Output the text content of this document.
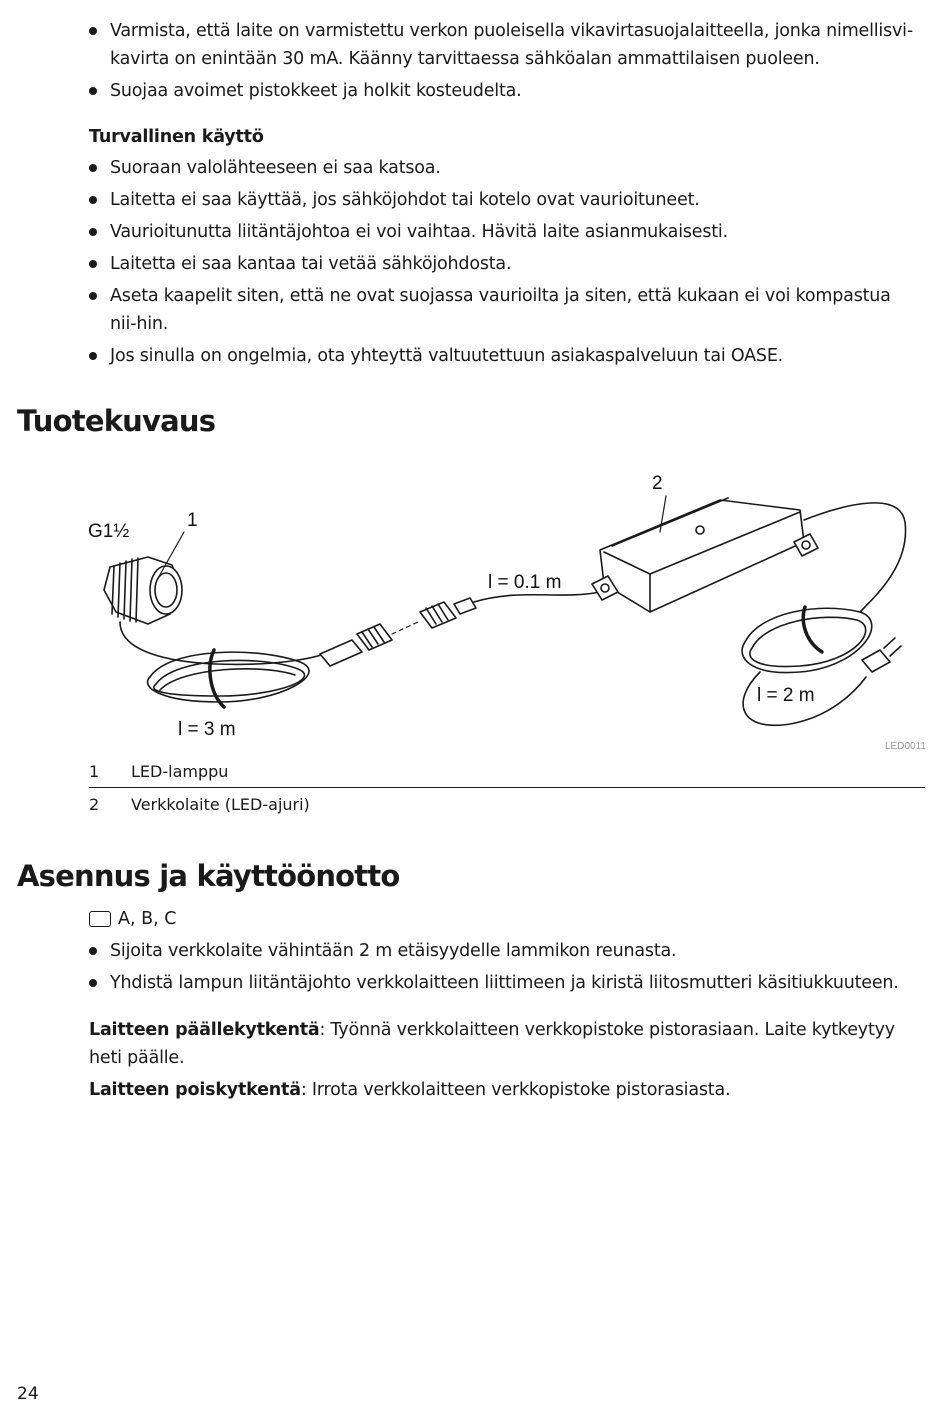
Varmista, että laite on varmistettu verkon puoleisella vikavirtasuojalaitteella, jonka nimellisvi-kavirta on enintään 30 mA. Käänny tarvittaessa sähköalan ammattilaisen puoleen.
Suojaa avoimet pistokkeet ja holkit kosteudelta.
Turvallinen käyttö
Suoraan valolähteeseen ei saa katsoa.
Laitetta ei saa käyttää, jos sähköjohdot tai kotelo ovat vaurioituneet.
Vaurioitunutta liitäntäjohtoa ei voi vaihtaa. Hävitä laite asianmukaisesti.
Laitetta ei saa kantaa tai vetää sähköjohdosta.
Aseta kaapelit siten, että ne ovat suojassa vaurioilta ja siten, että kukaan ei voi kompastua nii-hin.
Jos sinulla on ongelmia, ota yhteyttä valtuutettuun asiakaspalveluun tai OASE.
Tuotekuvaus
G1½
1
2
l = 0.1 m
l = 3 m
l = 2 m
LED0011
1 LED-lamppu
2 Verkkolaite (LED-ajuri)
Asennus ja käyttöönotto
A, B, C
Sijoita verkkolaite vähintään 2 m etäisyydelle lammikon reunasta.
Yhdistä lampun liitäntäjohto verkkolaitteen liittimeen ja kiristä liitosmutteri käsitiukkuuteen.
Laitteen päällekytkentä: Työnnä verkkolaitteen verkkopistoke pistorasiaan. Laite kytkeytyy heti päälle.
Laitteen poiskytkentä: Irrota verkkolaitteen verkkopistoke pistorasiasta.
24
